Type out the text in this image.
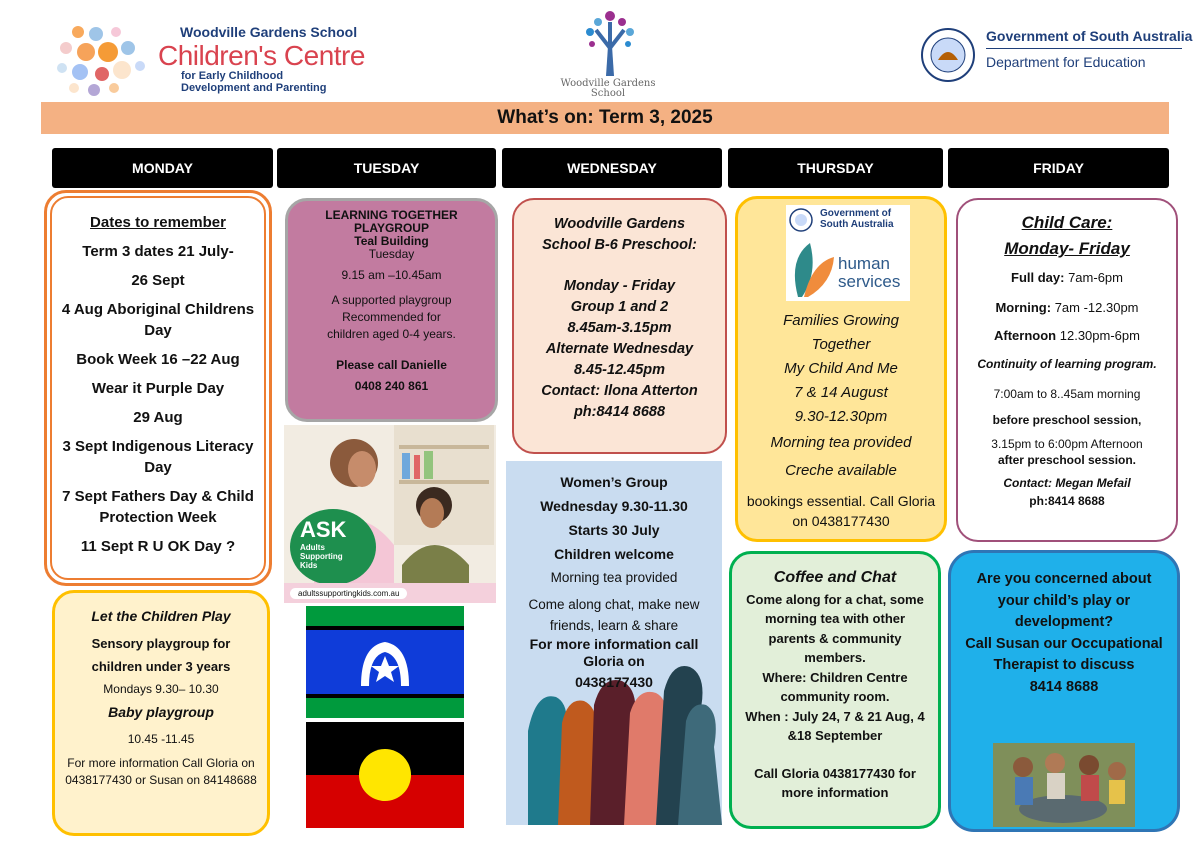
Woodville Gardens School
Children's Centre
for Early Childhood
Development and Parenting	Woodville Gardens
School
Government of South Australia
Department for Education
What’s on: Term 3, 2025
MONDAY	TUESDAY	WEDNESDAY	THURSDAY	FRIDAY
Dates to remember
Term 3 dates 21 July-
26 Sept
4 Aug Aboriginal Childrens Day
Book Week 16 –22 Aug
Wear it Purple Day
29 Aug
3 Sept Indigenous Literacy Day
7 Sept Fathers Day & Child Protection Week
11 Sept R U OK Day ?
Let the Children Play
Sensory playgroup for
children under 3 years
Mondays 9.30– 10.30
Baby playgroup
10.45 -11.45
For more information Call Gloria on 0438177430 or Susan on 84148688
LEARNING TOGETHER PLAYGROUP
Teal Building
Tuesday
9.15 am –10.45am
A supported playgroup
Recommended for
children aged 0-4 years.
Please call Danielle
0408 240 861
ASK
Adults Supporting Kids
adultssupportingkids.com.au
Woodville Gardens
School B-6 Preschool:
Monday - Friday
Group 1 and 2
8.45am-3.15pm
Alternate Wednesday
8.45-12.45pm
Contact: Ilona Atterton
ph:8414 8688
Women’s Group
Wednesday 9.30-11.30
Starts 30 July
Children welcome
Morning tea provided
Come along chat, make new friends, learn & share
For more information call Gloria on
0438177430
Government of
South Australia
human
services
Families Growing
Together
My Child And Me
7 & 14 August
9.30-12.30pm
Morning tea provided
Creche available
bookings essential. Call Gloria on 0438177430
Coffee and Chat
Come along for a chat, some morning tea with other parents & community members.
Where: Children Centre community room.
When : July 24, 7 & 21 Aug, 4 &18 September
Call Gloria 0438177430 for more information
Child Care:
Monday- Friday
Full day: 7am-6pm
Morning: 7am -12.30pm
Afternoon 12.30pm-6pm
Continuity of learning program.
7:00am to 8..45am morning
before preschool session,
3.15pm to 6:00pm Afternoon
after preschool session.
Contact: Megan Mefail
ph:8414 8688
Are you concerned about your child’s play or development?
Call Susan our Occupational Therapist to discuss
8414 8688
